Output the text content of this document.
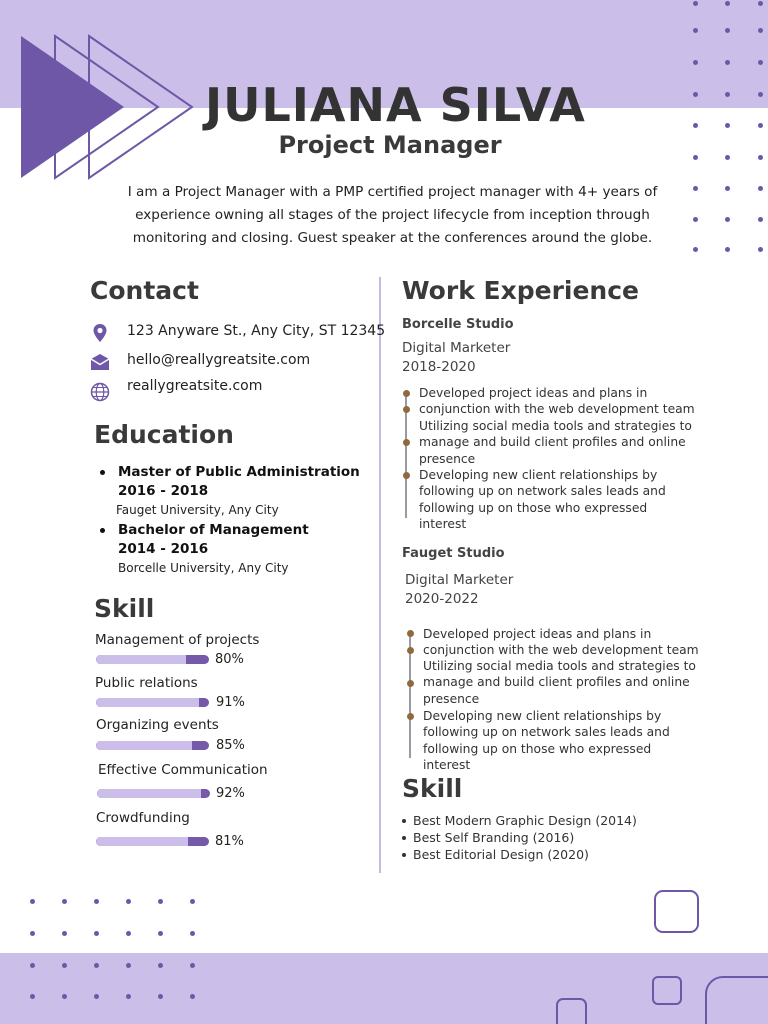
JULIANA SILVA
Project Manager
I am a Project Manager with a PMP certified project manager with 4+ years of experience owning all stages of the project lifecycle from inception through monitoring and closing. Guest speaker at the conferences around the globe.
Contact
123 Anyware St., Any City, ST 12345
hello@reallygreatsite.com
reallygreatsite.com
Education
Master of Public Administration
2016 - 2018
Fauget University, Any City
Bachelor of Management
2014 - 2016
Borcelle University, Any City
Skill
Management of projects
80%
Public relations
91%
Organizing events
85%
Effective Communication
92%
Crowdfunding
81%
Work Experience
Borcelle Studio
Digital Marketer
2018-2020
Developed project ideas and plans in conjunction with the web development team
Utilizing social media tools and strategies to manage and build client profiles and online presence
Developing new client relationships by following up on network sales leads and following up on those who expressed interest
Fauget Studio
Digital Marketer
2020-2022
Developed project ideas and plans in conjunction with the web development team
Utilizing social media tools and strategies to manage and build client profiles and online presence
Developing new client relationships by following up on network sales leads and following up on those who expressed interest
Skill
Best Modern Graphic Design (2014)
Best Self Branding (2016)
Best Editorial Design (2020)
